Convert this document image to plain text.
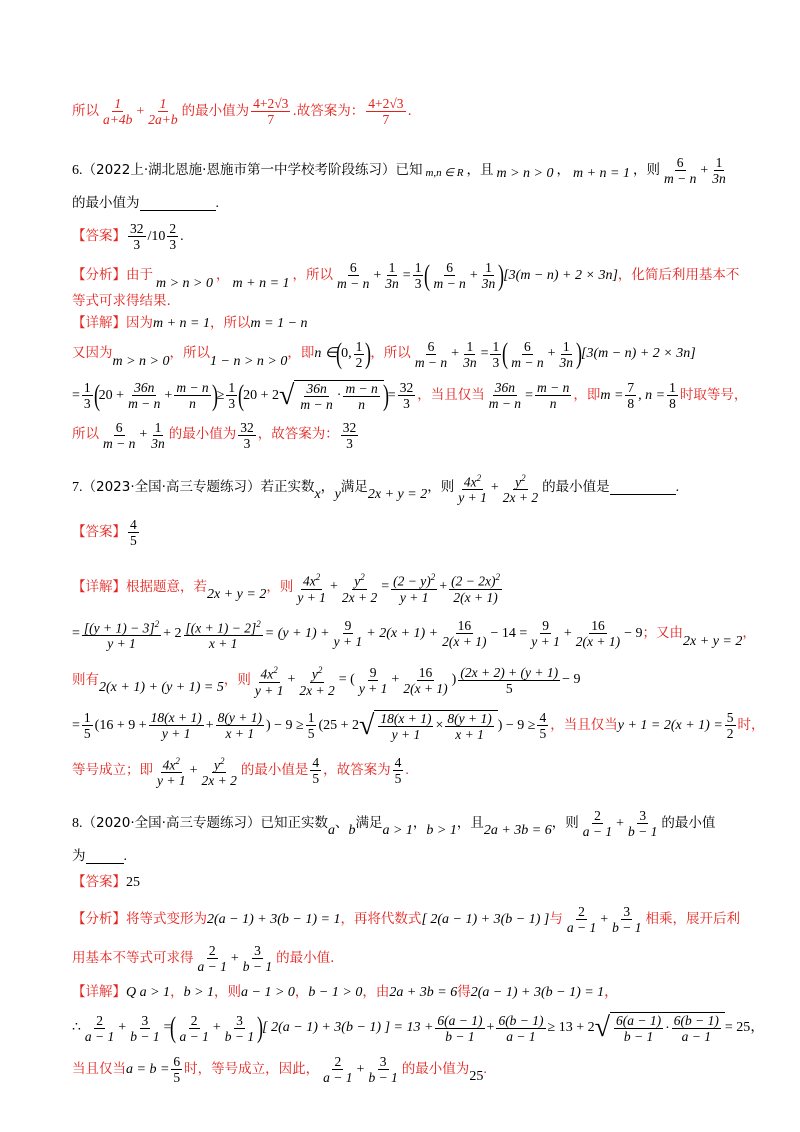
所以 $\frac{1}{a+4b} + \frac{1}{2a+b}$ 的最小值为 $\frac{4+2√3}{7}$ .故答案为： $\frac{4+2√3}{7}$ .
6. （2022上·湖北恩施·恩施市第一中学校考阶段练习） 已知 m,n ∈ R ，且 m > n > 0 ， m + n = 1 ，则 $\frac{6}{m - n} + \frac{1}{3n}$
的最小值为	.
【答案】 $\frac{32}{3} /10 \frac{2}{3}$ .
【分析】 由于
m > n > 0
，
m + n = 1
，所以 $\frac{6}{m - n} + \frac{1}{3n} = \frac{1}{3}$ ( $\frac{6}{m - n} + \frac{1}{3n}$ ) [3(m − n) + 2 × 3n] ，化简后利用基本不
等式可求得结果.
【详解】 因为 m + n = 1 ，所以 m = 1 − n
又因为
m > n > 0
，所以
1 − n > n > 0
，即 n ∈ ( 0, $\frac{1}{2}$ ) ，所以 $\frac{6}{m - n} + \frac{1}{3n} = \frac{1}{3}$ ( $\frac{6}{m - n} + \frac{1}{3n}$ ) [3(m − n) + 2 × 3n]
= $\frac{1}{3}$ ( $20 + \frac{36n}{m - n} + \frac{m - n}{n}$ ) ≥ $\frac{1}{3}$ ( 20 + 2 √ $\frac{36n}{m - n} \cdot \frac{m - n}{n}$ ) = $\frac{32}{3}$ ，当且仅当 $\frac{36n}{m - n} = \frac{m - n}{n}$ ，即 $m = \frac{7}{8}$ , $n = \frac{1}{8}$ 时取等号，
所以 $\frac{6}{m - n} + \frac{1}{3n}$ 的最小值为 $\frac{32}{3}$ ，故答案为： $\frac{32}{3}$
7. （2023·全国·高三专题练习） 若正实数 x ， y 满足 2x + y = 2 ，则 $\frac{4x^2}{y + 1} + \frac{y^2}{2x + 2}$ 的最小值是	.
【答案】 $\frac{4}{5}$
【详解】 根据题意，若
2x + y = 2
，则 $\frac{4x^2}{y + 1} + \frac{y^2}{2x + 2} = \frac{(2 - y)^2}{y + 1} + \frac{(2 - 2x)^2}{2(x + 1)}$
= $\frac{[(y + 1) - 3]^2}{y + 1} + 2 \frac{[(x + 1) - 2]^2}{x + 1} = (y + 1) + \frac{9}{y + 1} + 2(x + 1) + \frac{16}{2(x + 1)} - 14 = \frac{9}{y + 1} + \frac{16}{2(x + 1)} - 9$ ；又由
2x + y = 2
，
则有
2(x + 1) + (y + 1) = 5
，则 $\frac{4x^2}{y + 1} + \frac{y^2}{2x + 2}$ = ( $\frac{9}{y + 1} + \frac{16}{2(x + 1)}$ ) $\frac{(2x + 2) + (y + 1)}{5} - 9$
= $\frac{1}{5} (16 + 9 + \frac{18(x + 1)}{y + 1} + \frac{8(y + 1)}{x + 1}$ ) − $9 \ge \frac{1}{5} (25 + 2$ √ $\frac{18(x + 1)}{y + 1} \times \frac{8(y + 1)}{x + 1}$ ) − $9 \ge \frac{4}{5}$ ，当且仅当 $y + 1 = 2(x + 1) = \frac{5}{2}$ 时，
等号成立；即 $\frac{4x^2}{y + 1} + \frac{y^2}{2x + 2}$ 的最小值是 $\frac{4}{5}$ ，故答案为 $\frac{4}{5}$ .
8. （2020·全国·高三专题练习） 已知正实数 a 、 b 满足 a > 1 ， b > 1 ，且 2a + 3b = 6 ，则 $\frac{2}{a - 1} + \frac{3}{b - 1}$ 的最小值
为	.
【答案】 25
【分析】 将等式变形为 2(a − 1) + 3(b − 1) = 1 ，再将代数式 [ 2(a − 1) + 3(b − 1) ] 与 $\frac{2}{a - 1} + \frac{3}{b - 1}$ 相乘，展开后利
用基本不等式可求得 $\frac{2}{a - 1} + \frac{3}{b - 1}$ 的最小值.
【详解】 Q a > 1 ， b > 1 ，则 a − 1 > 0 ， b − 1 > 0 ，由 2a + 3b = 6 得 2(a − 1) + 3(b − 1) = 1 ，
∴ $\frac{2}{a - 1} + \frac{3}{b - 1}$ = ( $\frac{2}{a - 1} + \frac{3}{b - 1}$ ) [ 2(a − 1) + 3(b − 1) ] = $13 + \frac{6(a - 1)}{b - 1} + \frac{6(b - 1)}{a - 1} \ge 13 + 2$ √ $\frac{6(a - 1)}{b - 1} \cdot \frac{6(b - 1)}{a - 1} = 25$ ，
当且仅当 $a = b = \frac{6}{5}$ 时，等号成立，因此， $\frac{2}{a - 1} + \frac{3}{b - 1}$ 的最小值为 25 .
